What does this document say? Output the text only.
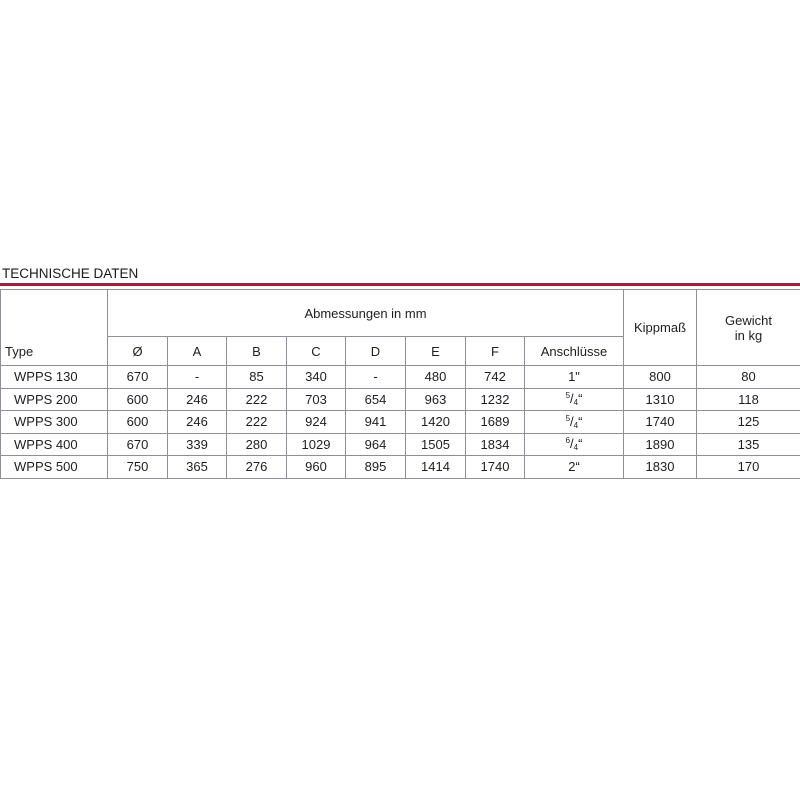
TECHNISCHE DATEN
Type	Abmessungen in mm								Kippmaß	Gewicht
in kg
	Ø	A	B	C	D	E	F	Anschlüsse		
WPPS 130	670	-	85	340	-	480	742	1"	800	80
WPPS 200	600	246	222	703	654	963	1232	$^5/_4“$	1310	118
WPPS 300	600	246	222	924	941	1420	1689	$^5/_4“$	1740	125
WPPS 400	670	339	280	1029	964	1505	1834	$^6/_4“$	1890	135
WPPS 500	750	365	276	960	895	1414	1740	2“	1830	170
